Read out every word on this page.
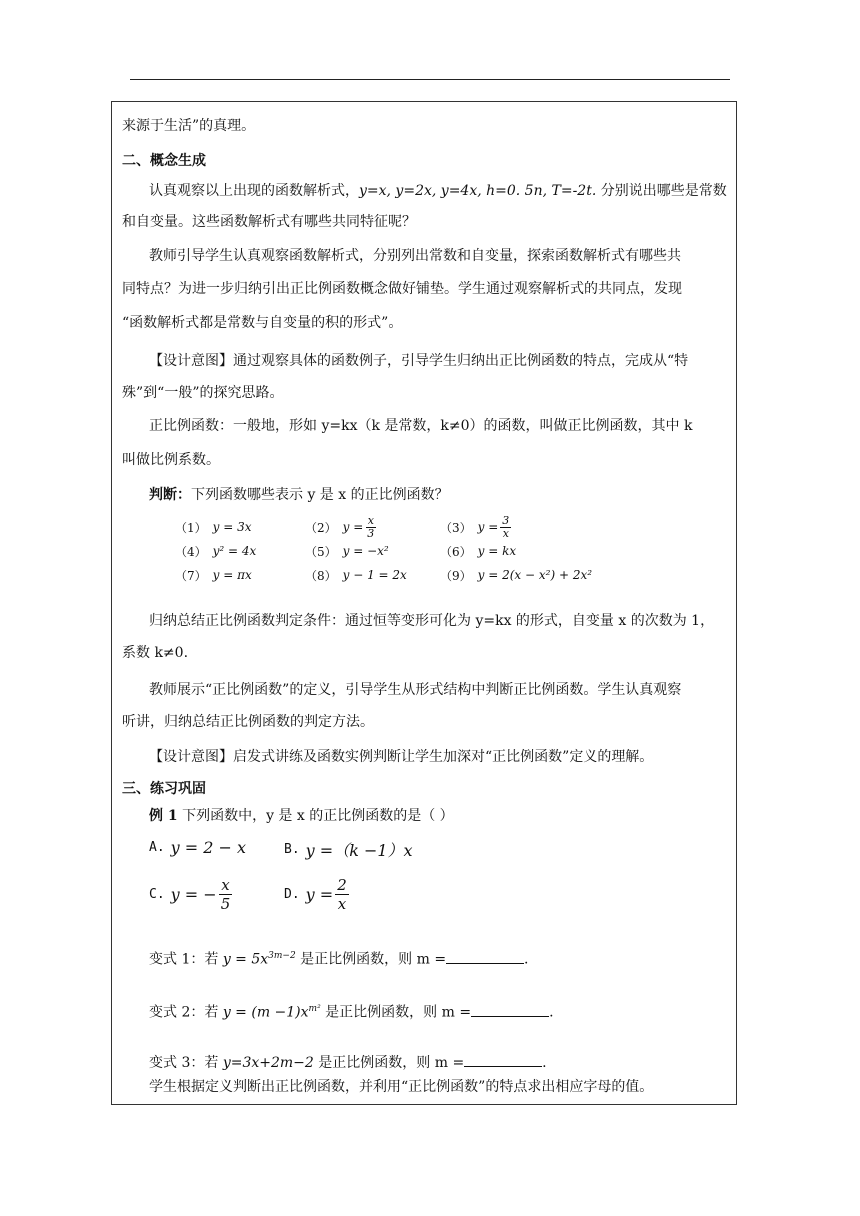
来源于生活”的真理。
二、概念生成
认真观察以上出现的函数解析式，y=x, y=2x, y=4x, h=0. 5n, T=-2t. 分别说出哪些是常数
和自变量。这些函数解析式有哪些共同特征呢？
教师引导学生认真观察函数解析式，分别列出常数和自变量，探索函数解析式有哪些共
同特点？为进一步归纳引出正比例函数概念做好铺垫。学生通过观察解析式的共同点，发现
“函数解析式都是常数与自变量的积的形式”。
【设计意图】通过观察具体的函数例子，引导学生归纳出正比例函数的特点，完成从“特
殊”到“一般”的探究思路。
正比例函数：一般地，形如 y=kx（k 是常数，k≠0）的函数，叫做正比例函数，其中 k
叫做比例系数。
判断：下列函数哪些表示 y 是 x 的正比例函数？
（1） y = 3x	（2） $y = \frac{x}{3}$	（3） $y = \frac{3}{x}$
（4） y² = 4x	（5） y = −x²	（6） y = kx
（7） y = πx	（8） y − 1 = 2x	（9） y = 2(x − x²) + 2x²
归纳总结正比例函数判定条件：通过恒等变形可化为 y=kx 的形式，自变量 x 的次数为 1，
系数 k≠0.
教师展示“正比例函数”的定义，引导学生从形式结构中判断正比例函数。学生认真观察
听讲，归纳总结正比例函数的判定方法。
【设计意图】启发式讲练及函数实例判断让学生加深对“正比例函数”定义的理解。
三、练习巩固
例 1 下列函数中，y 是 x 的正比例函数的是（ ）
A. y = 2 − x	B. y =（k −1）x
C. y = − $\frac{x}{5}$	D. $y = \frac{2}{x}$
变式 1：若 $y = 5x^{3m-2}$ 是正比例函数，则 m =	.
变式 2：若 $y = (m -1)x^{m^2}$ 是正比例函数，则 m =	.
变式 3：若 y=3x+2m−2 是正比例函数，则 m =	.
学生根据定义判断出正比例函数，并利用“正比例函数”的特点求出相应字母的值。
